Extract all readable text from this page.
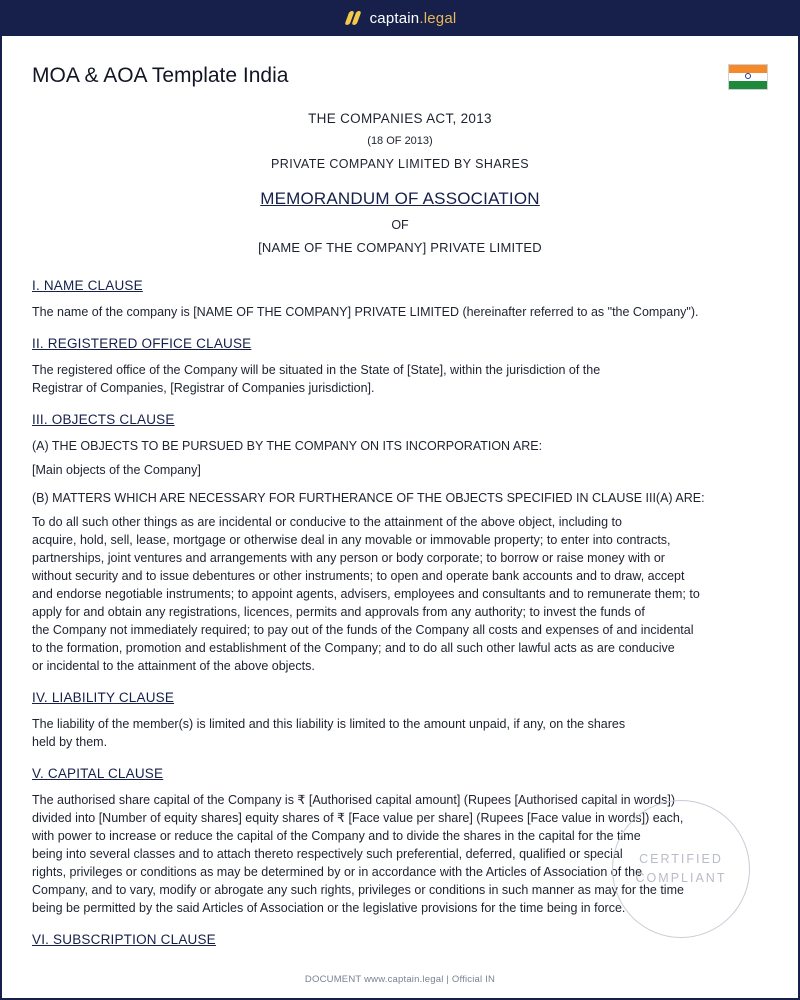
captain.legal
MOA & AOA Template India
THE COMPANIES ACT, 2013
(18 OF 2013)
PRIVATE COMPANY LIMITED BY SHARES
MEMORANDUM OF ASSOCIATION
OF
[NAME OF THE COMPANY] PRIVATE LIMITED
I. NAME CLAUSE
The name of the company is [NAME OF THE COMPANY] PRIVATE LIMITED (hereinafter referred to as "the Company").
II. REGISTERED OFFICE CLAUSE
The registered office of the Company will be situated in the State of [State], within the jurisdiction of the
Registrar of Companies, [Registrar of Companies jurisdiction].
III. OBJECTS CLAUSE
(A) THE OBJECTS TO BE PURSUED BY THE COMPANY ON ITS INCORPORATION ARE:
[Main objects of the Company]
(B) MATTERS WHICH ARE NECESSARY FOR FURTHERANCE OF THE OBJECTS SPECIFIED IN CLAUSE III(A) ARE:
To do all such other things as are incidental or conducive to the attainment of the above object, including to
acquire, hold, sell, lease, mortgage or otherwise deal in any movable or immovable property; to enter into contracts,
partnerships, joint ventures and arrangements with any person or body corporate; to borrow or raise money with or
without security and to issue debentures or other instruments; to open and operate bank accounts and to draw, accept
and endorse negotiable instruments; to appoint agents, advisers, employees and consultants and to remunerate them; to
apply for and obtain any registrations, licences, permits and approvals from any authority; to invest the funds of
the Company not immediately required; to pay out of the funds of the Company all costs and expenses of and incidental
to the formation, promotion and establishment of the Company; and to do all such other lawful acts as are conducive
or incidental to the attainment of the above objects.
IV. LIABILITY CLAUSE
The liability of the member(s) is limited and this liability is limited to the amount unpaid, if any, on the shares
held by them.
V. CAPITAL CLAUSE
The authorised share capital of the Company is ₹ [Authorised capital amount] (Rupees [Authorised capital in words])
divided into [Number of equity shares] equity shares of ₹ [Face value per share] (Rupees [Face value in words]) each,
with power to increase or reduce the capital of the Company and to divide the shares in the capital for the time
being into several classes and to attach thereto respectively such preferential, deferred, qualified or special
rights, privileges or conditions as may be determined by or in accordance with the Articles of Association of the
Company, and to vary, modify or abrogate any such rights, privileges or conditions in such manner as may for the time
being be permitted by the said Articles of Association or the legislative provisions for the time being in force.
VI. SUBSCRIPTION CLAUSE
CERTIFIED
COMPLIANT
DOCUMENT www.captain.legal | Official IN
